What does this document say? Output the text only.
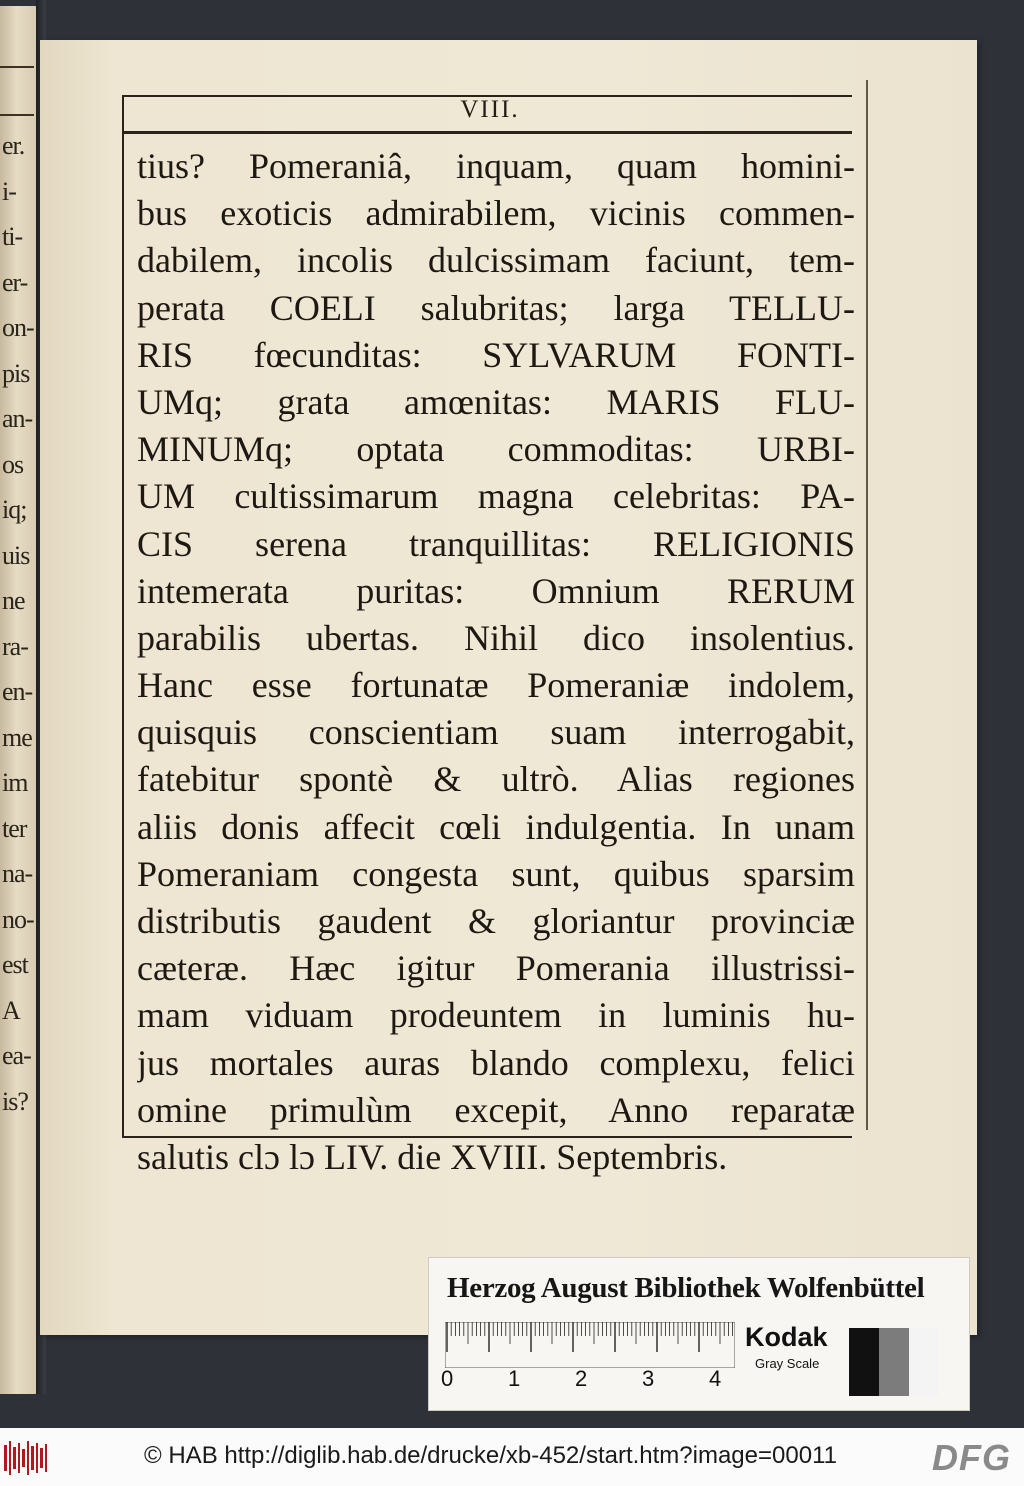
er.
i-
ti-
er-
on-
pis
an-
os
iq;
uis
ne
ra-
en-
me
im
ter
na-
no-
est
A
ea-
is?
VIII.
tius? Pomeraniâ, inquam, quam homini-
bus exoticis admirabilem, vicinis commen-
dabilem, incolis dulcissimam faciunt, tem-
perata COELI salubritas; larga TELLU-
RIS fœcunditas: SYLVARUM FONTI-
UMq; grata amœnitas: MARIS FLU-
MINUMq; optata commoditas: URBI-
UM cultissimarum magna celebritas: PA-
CIS serena tranquillitas: RELIGIONIS
intemerata puritas: Omnium RERUM
parabilis ubertas. Nihil dico insolentius.
Hanc esse fortunatæ Pomeraniæ indolem,
quisquis conscientiam suam interrogabit,
fatebitur spontè & ultrò. Alias regiones
aliis donis affecit cœli indulgentia. In unam
Pomeraniam congesta sunt, quibus sparsim
distributis gaudent & gloriantur provinciæ
cæteræ. Hæc igitur Pomerania illustrissi-
mam viduam prodeuntem in luminis hu-
jus mortales auras blando complexu, felici
omine primulùm excepit, Anno reparatæ
salutis clɔ lɔ LIV. die XVIII. Septembris.
Herzog August Bibliothek Wolfenbüttel
0 1 2 3 4
Kodak
Gray Scale
© HAB http://diglib.hab.de/drucke/xb-452/start.htm?image=00011	DFG
